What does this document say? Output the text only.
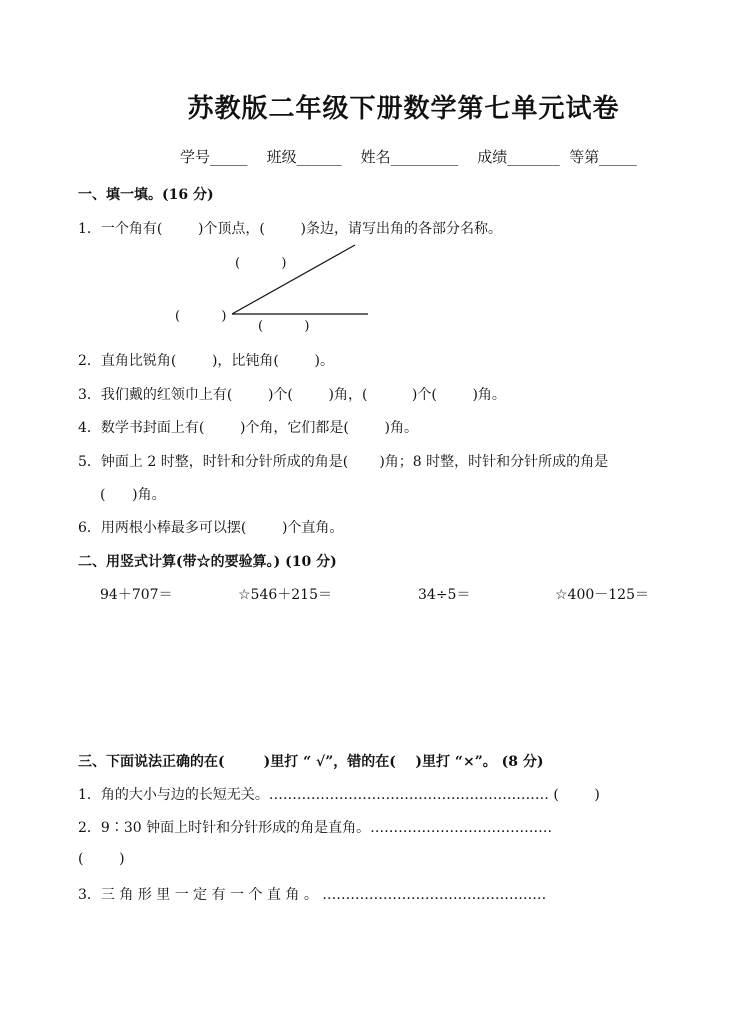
苏教版二年级下册数学第七单元试卷
学号_____    班级______    姓名_________    成绩_______  等第_____
一、填一填。(16 分)
1．一个角有(        )个顶点，(        )条边，请写出角的各部分名称。
(          )
(          )
(          )
2．直角比锐角(        )，比钝角(        )。
3．我们戴的红领巾上有(        )个(        )角，(          )个(        )角。
4．数学书封面上有(        )个角，它们都是(        )角。
5．钟面上 2 时整，时针和分针所成的角是(       )角；8 时整，时针和分针所成的角是
(      )角。
6．用两根小棒最多可以摆(        )个直角。
二、用竖式计算(带☆的要验算。) (10 分)
94＋707＝	☆546＋215＝	34÷5＝	☆400－125＝
三、下面说法正确的在(        )里打 “ √”，错的在(    )里打 “×”。 (8 分)
1．角的大小与边的长短无关。…………………………………………………… (        )
2．9∶30 钟面上时针和分针形成的角是直角。…………………………………
(        )
3．三 角 形 里 一 定 有 一 个 直 角 。 …………………………………………
